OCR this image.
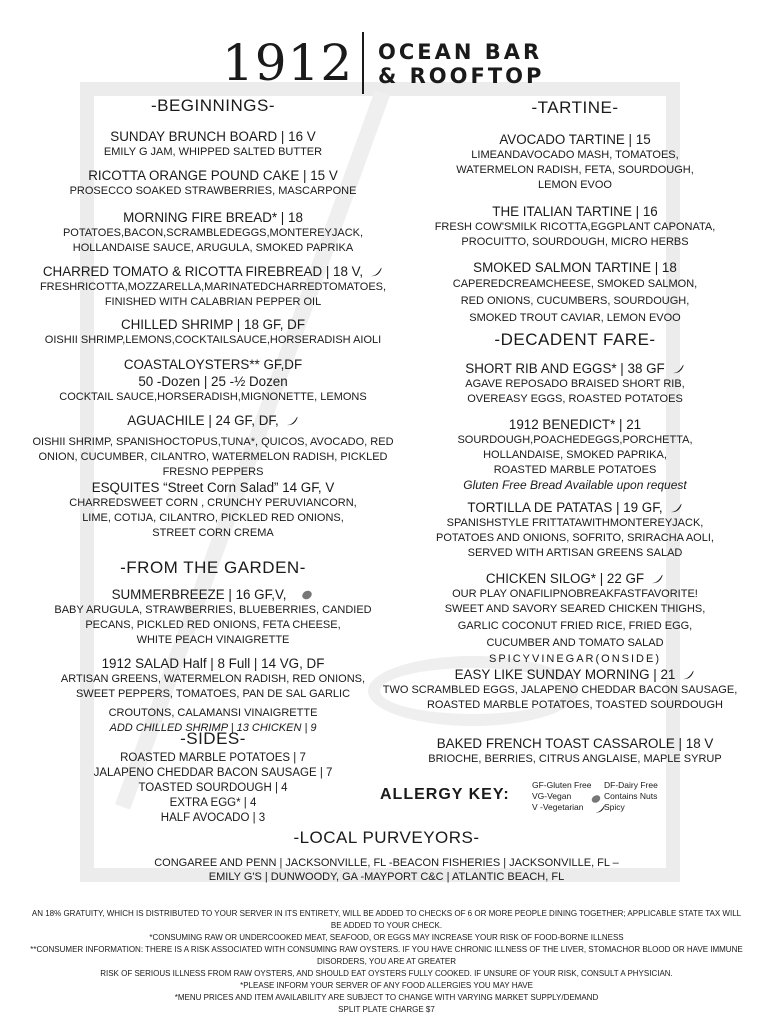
1912 OCEAN BAR
& ROOFTOP
-BEGINNINGS-
SUNDAY BRUNCH BOARD | 16 V
EMILY G JAM, WHIPPED SALTED BUTTER
RICOTTA ORANGE POUND CAKE | 15 V
PROSECCO SOAKED STRAWBERRIES, MASCARPONE
MORNING FIRE BREAD* | 18
POTATOES,BACON,SCRAMBLEDEGGS,MONTEREYJACK,
HOLLANDAISE SAUCE, ARUGULA, SMOKED PAPRIKA
CHARRED TOMATO & RICOTTA FIREBREAD | 18 V,
FRESHRICOTTA,MOZZARELLA,MARINATEDCHARREDTOMATOES,
FINISHED WITH CALABRIAN PEPPER OIL
CHILLED SHRIMP | 18 GF, DF
OISHII SHRIMP,LEMONS,COCKTAILSAUCE,HORSERADISH AIOLI
COASTALOYSTERS** GF,DF
50 -Dozen | 25 -½ Dozen
COCKTAIL SAUCE,HORSERADISH,MIGNONETTE, LEMONS
AGUACHILE | 24 GF, DF,
OISHII SHRIMP, SPANISHOCTOPUS,TUNA*, QUICOS, AVOCADO, RED
ONION, CUCUMBER, CILANTRO, WATERMELON RADISH, PICKLED
FRESNO PEPPERS
ESQUITES “Street Corn Salad” 14 GF, V
CHARREDSWEET CORN , CRUNCHY PERUVIANCORN,
LIME, COTIJA, CILANTRO, PICKLED RED ONIONS,
STREET CORN CREMA
-FROM THE GARDEN-
SUMMERBREEZE | 16 GF,V,
BABY ARUGULA, STRAWBERRIES, BLUEBERRIES, CANDIED
PECANS, PICKLED RED ONIONS, FETA CHEESE,
WHITE PEACH VINAIGRETTE
1912 SALAD Half | 8 Full | 14 VG, DF
ARTISAN GREENS, WATERMELON RADISH, RED ONIONS,
SWEET PEPPERS, TOMATOES, PAN DE SAL GARLIC
CROUTONS, CALAMANSI VINAIGRETTE
ADD CHILLED SHRIMP | 13 CHICKEN | 9
-SIDES-
ROASTED MARBLE POTATOES | 7
JALAPENO CHEDDAR BACON SAUSAGE | 7
TOASTED SOURDOUGH | 4
EXTRA EGG* | 4
HALF AVOCADO | 3
-TARTINE-
AVOCADO TARTINE | 15
LIMEANDAVOCADO MASH, TOMATOES,
WATERMELON RADISH, FETA, SOURDOUGH,
LEMON EVOO
THE ITALIAN TARTINE | 16
FRESH COW'SMILK RICOTTA,EGGPLANT CAPONATA,
PROCUITTO, SOURDOUGH, MICRO HERBS
SMOKED SALMON TARTINE | 18
CAPEREDCREAMCHEESE, SMOKED SALMON,
RED ONIONS, CUCUMBERS, SOURDOUGH,
SMOKED TROUT CAVIAR, LEMON EVOO
-DECADENT FARE-
SHORT RIB AND EGGS* | 38 GF
AGAVE REPOSADO BRAISED SHORT RIB,
OVEREASY EGGS, ROASTED POTATOES
1912 BENEDICT* | 21
SOURDOUGH,POACHEDEGGS,PORCHETTA,
HOLLANDAISE, SMOKED PAPRIKA,
ROASTED MARBLE POTATOES
Gluten Free Bread Available upon request
TORTILLA DE PATATAS | 19 GF,
SPANISHSTYLE FRITTATAWITHMONTEREYJACK,
POTATOES AND ONIONS, SOFRITO, SRIRACHA AOLI,
SERVED WITH ARTISAN GREENS SALAD
CHICKEN SILOG* | 22 GF
OUR PLAY ONAFILIPNOBREAKFASTFAVORITE!
SWEET AND SAVORY SEARED CHICKEN THIGHS,
GARLIC COCONUT FRIED RICE, FRIED EGG,
CUCUMBER AND TOMATO SALAD
SPICYVINEGAR(ONSIDE)
EASY LIKE SUNDAY MORNING | 21
TWO SCRAMBLED EGGS, JALAPENO CHEDDAR BACON SAUSAGE,
ROASTED MARBLE POTATOES, TOASTED SOURDOUGH
BAKED FRENCH TOAST CASSAROLE | 18 V
BRIOCHE, BERRIES, CITRUS ANGLAISE, MAPLE SYRUP
ALLERGY KEY:
GF-Gluten Free
VG-Vegan
V -Vegetarian
DF-Dairy Free
Contains Nuts
Spicy
-LOCAL PURVEYORS-
CONGAREE AND PENN | JACKSONVILLE, FL -BEACON FISHERIES | JACKSONVILLE, FL –
EMILY G'S | DUNWOODY, GA -MAYPORT C&C | ATLANTIC BEACH, FL
AN 18% GRATUITY, WHICH IS DISTRIBUTED TO YOUR SERVER IN ITS ENTIRETY, WILL BE ADDED TO CHECKS OF 6 OR MORE PEOPLE DINING TOGETHER; APPLICABLE STATE TAX WILL BE ADDED TO YOUR CHECK.
*CONSUMING RAW OR UNDERCOOKED MEAT, SEAFOOD, OR EGGS MAY INCREASE YOUR RISK OF FOOD-BORNE ILLNESS
**CONSUMER INFORMATION: THERE IS A RISK ASSOCIATED WITH CONSUMING RAW OYSTERS. IF YOU HAVE CHRONIC ILLNESS OF THE LIVER, STOMACHOR BLOOD OR HAVE IMMUNE DISORDERS, YOU ARE AT GREATER
RISK OF SERIOUS ILLNESS FROM RAW OYSTERS, AND SHOULD EAT OYSTERS FULLY COOKED. IF UNSURE OF YOUR RISK, CONSULT A PHYSICIAN.
*PLEASE INFORM YOUR SERVER OF ANY FOOD ALLERGIES YOU MAY HAVE
*MENU PRICES AND ITEM AVAILABILITY ARE SUBJECT TO CHANGE WITH VARYING MARKET SUPPLY/DEMAND
SPLIT PLATE CHARGE $7
